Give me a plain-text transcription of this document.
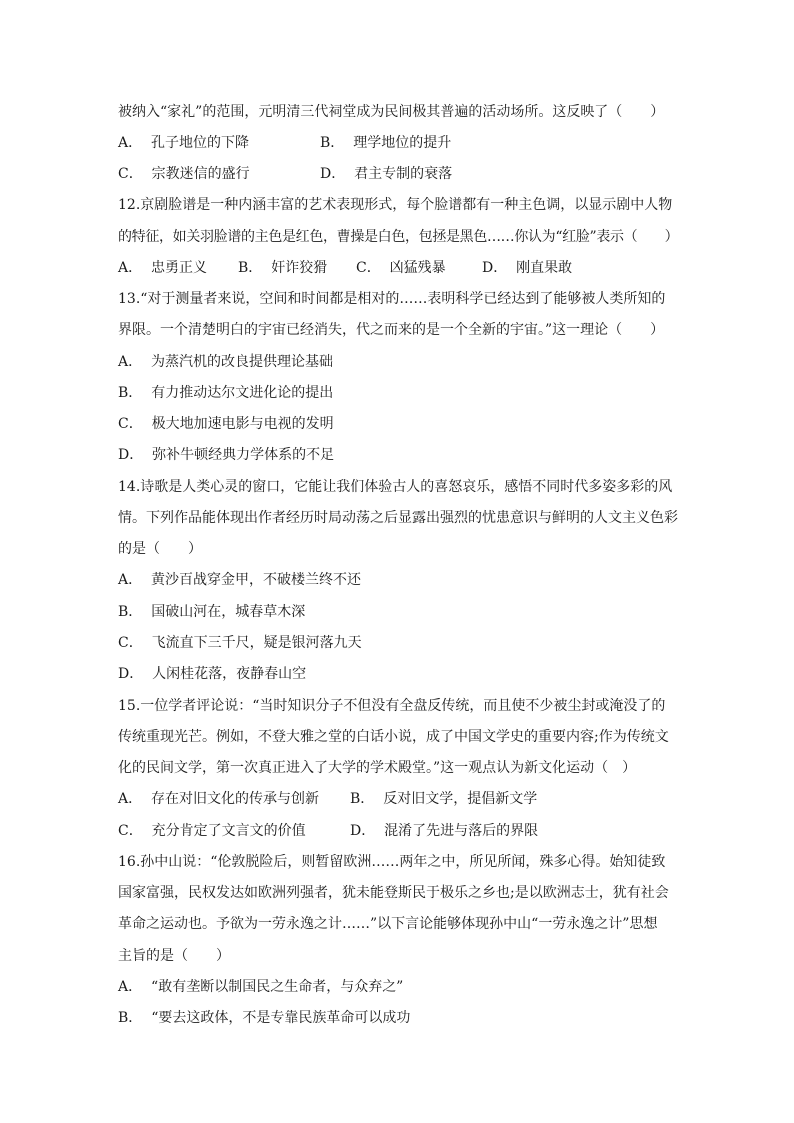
被纳入“家礼”的范围，元明清三代祠堂成为民间极其普遍的活动场所。这反映了（　　）
A． 孔子地位的下降	B． 理学地位的提升
C． 宗教迷信的盛行	D． 君主专制的衰落
12.京剧脸谱是一种内涵丰富的艺术表现形式，每个脸谱都有一种主色调，以显示剧中人物
的特征，如关羽脸谱的主色是红色，曹操是白色，包拯是黑色……你认为“红脸”表示（　　）
A． 忠勇正义 B． 奸诈狡猾 C． 凶猛残暴	D． 刚直果敢
13.“对于测量者来说，空间和时间都是相对的……表明科学已经达到了能够被人类所知的
界限。一个清楚明白的宇宙已经消失，代之而来的是一个全新的宇宙。”这一理论（　　）
A． 为蒸汽机的改良提供理论基础
B． 有力推动达尔文进化论的提出
C． 极大地加速电影与电视的发明
D． 弥补牛顿经典力学体系的不足
14.诗歌是人类心灵的窗口，它能让我们体验古人的喜怒哀乐，感悟不同时代多姿多彩的风
情。下列作品能体现出作者经历时局动荡之后显露出强烈的忧患意识与鲜明的人文主义色彩
的是（　　）
A． 黄沙百战穿金甲，不破楼兰终不还
B． 国破山河在，城春草木深
C． 飞流直下三千尺，疑是银河落九天
D． 人闲桂花落，夜静春山空
15.一位学者评论说：“当时知识分子不但没有全盘反传统，而且使不少被尘封或淹没了的
传统重现光芒。例如，不登大雅之堂的白话小说，成了中国文学史的重要内容;作为传统文
化的民间文学，第一次真正进入了大学的学术殿堂。”这一观点认为新文化运动（　）
A． 存在对旧文化的传承与创新 B． 反对旧文学，提倡新文学
C． 充分肯定了文言文的价值	D． 混淆了先进与落后的界限
16.孙中山说：“伦敦脱险后，则暂留欧洲……两年之中，所见所闻，殊多心得。始知徒致
国家富强，民权发达如欧洲列强者，犹未能登斯民于极乐之乡也;是以欧洲志士，犹有社会
革命之运动也。予欲为一劳永逸之计……”以下言论能够体现孙中山“一劳永逸之计”思想
主旨的是（　　）
A． “敢有垄断以制国民之生命者，与众弃之”
B． “要去这政体，不是专靠民族革命可以成功
